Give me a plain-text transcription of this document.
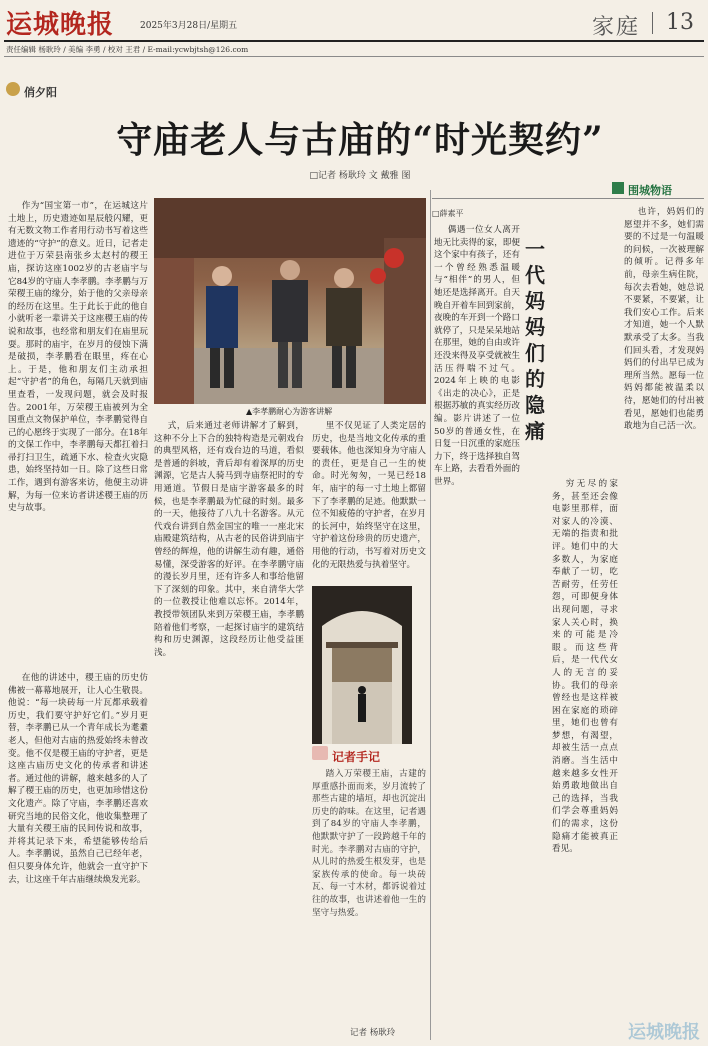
运城晚报	2025年3月28日/星期五	家庭 13
责任编辑 杨耿玲 / 美编 李勇 / 校对 王君 / E-mail:ycwbjtsh@126.com
俏夕阳
守庙老人与古庙的“时光契约”
□记者 杨耿玲 文 戴雅 图
▲李孝鹏耐心为游客讲解
作为“国宝第一市”，在运城这片土地上，历史遗迹如星辰般闪耀，更有无数文物工作者用行动书写着这些遗迹的“守护”的意义。近日，记者走进位于万荣县南张乡太赵村的稷王庙，探访这座1002岁的古老庙宇与它84岁的守庙人李孝鹏。李孝鹏与万荣稷王庙的缘分，始于他的父亲母亲的经历在这里。生于此长于此的他自小就听老一辈讲关于这座稷王庙的传说和故事，也经常和朋友们在庙里玩耍。那时的庙宇，在岁月的侵蚀下满是破损，李孝鹏看在眼里，疼在心上。于是，他和朋友们主动承担起“守护者”的角色，每隔几天就到庙里查看，一发现问题，就会及时报告。2001年，万荣稷王庙被列为全国重点文物保护单位，李孝鹏觉得自己的心愿终于实现了一部分。在18年的文保工作中，李孝鹏每天都扛着扫帚打扫卫生，疏通下水、检查火灾隐患，始终坚持如一日。除了这些日常工作，遇到有游客来访，他便主动讲解，为每一位来访者讲述稷王庙的历史与故事。
在他的讲述中，稷王庙的历史仿佛被一幕幕地展开，让人心生敬畏。他说：“每一块砖每一片瓦都承载着历史，我们要守护好它们。”岁月更替，李孝鹏已从一个青年成长为耄耋老人，但他对古庙的热爱始终未曾改变。他不仅是稷王庙的守护者，更是这座古庙历史文化的传承者和讲述者。通过他的讲解，越来越多的人了解了稷王庙的历史，也更加珍惜这份文化遗产。除了守庙，李孝鹏还喜欢研究当地的民俗文化，他收集整理了大量有关稷王庙的民间传说和故事，并将其记录下来，希望能够传给后人。李孝鹏说，虽然自己已经年老，但只要身体允许，他就会一直守护下去，让这座千年古庙继续焕发光彩。
式，后来通过老师讲解才了解到，这种不分上下合的独特构造是元朝戏台的典型风格，还有戏台边的马道，看似是普通的斜坡，背后却有着深厚的历史渊源，它是古人骑马到寺庙祭祀时的专用通道。节假日是庙宇游客最多的时候，也是李孝鹏最为忙碌的时刻。最多的一天，他接待了八九十名游客。从元代戏台讲到自然金国宝的唯一一座北宋庙殿建筑结构，从古老的民俗讲到庙宇曾经的辉煌，他的讲解生动有趣，通俗易懂，深受游客的好评。在李孝鹏守庙的漫长岁月里，还有许多人和事给他留下了深刻的印象。其中，来自清华大学的一位教授让他难以忘怀。2014年，教授带领团队来到万荣稷王庙，李孝鹏陪着他们考察，一起探讨庙宇的建筑结构和历史渊源，这段经历让他受益匪浅。
里不仅见证了人类定居的历史，也是当地文化传承的重要载体。他也深知身为守庙人的责任，更是自己一生的使命。时光匆匆，一晃已经18年，庙宇的每一寸土地上都留下了李孝鹏的足迹。他默默一位不知疲倦的守护者，在岁月的长河中，始终坚守在这里，守护着这份珍贵的历史遗产，用他的行动，书写着对历史文化的无限热爱与执着坚守。
记者手记
踏入万荣稷王庙，古建的厚重感扑面而来，岁月流转了那些古建的墙垣，却也沉淀出历史的韵味。在这里，记者遇到了84岁的守庙人李孝鹏，他默默守护了一段跨越千年的时光。李孝鹏对古庙的守护，从儿时的热爱生根发芽，也是家族传承的使命。每一块砖瓦、每一寸木材，都诉说着过往的故事，也讲述着他一生的坚守与热爱。
记者 杨耿玲
围城物语
□薛素平
一代妈妈们的隐痛
偶遇一位女人离开地无比卖得的家，即便这个家中有孩子，还有一个曾经熟悉温暖与“相伴”的男人，但她还是选择离开。自天晚自开着车回到家前，夜晚的车开到一个路口就停了，只是呆呆地站在那里，她的自由或许还没来得及享受就被生活压得喘不过气。2024年上映的电影《出走的决心》，正是根据苏敏的真实经历改编。影片讲述了一位50岁的普通女性，在日复一日沉重的家庭压力下，终于选择独自驾车上路，去看看外面的世界。	穷无尽的家务，甚至还会像电影里那样，面对家人的冷漠、无端的指责和批评。她们中的大多数人，为家庭奉献了一切，吃苦耐劳，任劳任怨，可即便身体出现问题，寻求家人关心时，换来的可能是冷眼。而这些背后，是一代代女人的无言的妥协。我们的母亲曾经也是这样被困在家庭的琐碎里，她们也曾有梦想，有渴望，却被生活一点点消磨。当生活中越来越多女性开始勇敢地做出自己的选择，当我们学会尊重妈妈们的需求，这份隐痛才能被真正看见。
也许，妈妈们的愿望并不多，她们需要的不过是一句温暖的问候，一次被理解的倾听。记得多年前，母亲生病住院，每次去看她，她总说不要紧，不要紧，让我们安心工作。后来才知道，她一个人默默承受了太多。当我们回头看，才发现妈妈们的付出早已成为理所当然。愿每一位妈妈都能被温柔以待，愿她们的付出被看见，愿她们也能勇敢地为自己活一次。
运城晚报
